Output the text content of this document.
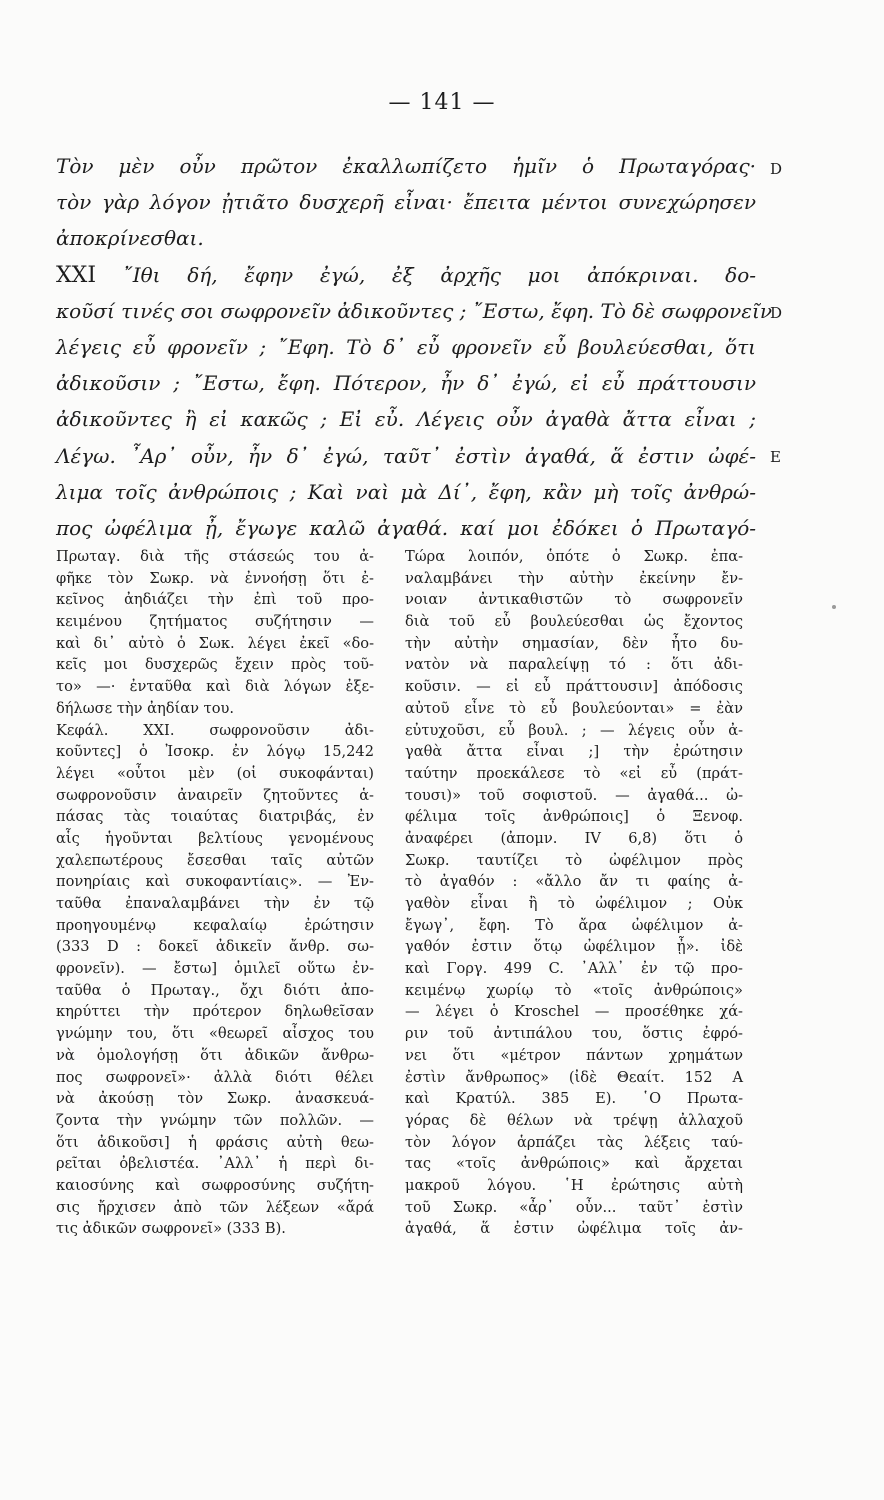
— 141 —
Τὸν μὲν οὖν πρῶτον ἐκαλλωπίζετο ἡμῖν ὁ Πρωταγόρας·
τὸν γὰρ λόγον ᾐτιᾶτο δυσχερῆ εἶναι· ἔπειτα μέντοι συνεχώρησεν
ἀποκρίνεσθαι.
XXI ῎Ιθι δή, ἔφην ἐγώ, ἐξ ἀρχῆς μοι ἀπόκριναι. δο-
κοῦσί τινές σοι σωφρονεῖν ἀδικοῦντες ; ῎Εστω, ἔφη. Τὸ δὲ σωφρονεῖν
λέγεις εὖ φρονεῖν ; ῎Εφη. Τὸ δ᾽ εὖ φρονεῖν εὖ βουλεύεσθαι, ὅτι
ἀδικοῦσιν ; ῎Εστω, ἔφη. Πότερον, ἦν δ᾽ ἐγώ, εἰ εὖ πράττουσιν
ἀδικοῦντες ἢ εἰ κακῶς ; Εἰ εὖ. Λέγεις οὖν ἀγαθὰ ἄττα εἶναι ;
Λέγω. ῏Αρ᾽ οὖν, ἦν δ᾽ ἐγώ, ταῦτ᾽ ἐστὶν ἀγαθά, ἅ ἐστιν ὠφέ-
λιμα τοῖς ἀνθρώποις ; Καὶ ναὶ μὰ Δί᾽, ἔφη, κἂν μὴ τοῖς ἀνθρώ-
πος ὠφέλιμα ᾖ, ἔγωγε καλῶ ἀγαθά. καί μοι ἐδόκει ὁ Πρωταγό-
D
D
E
Πρωταγ. διὰ τῆς στάσεώς του ἀ-
φῆκε τὸν Σωκρ. νὰ ἐννοήσῃ ὅτι ἐ-
κεῖνος ἀηδιάζει τὴν ἐπὶ τοῦ προ-
κειμένου ζητήματος συζήτησιν —
καὶ δι᾽ αὐτὸ ὁ Σωκ. λέγει ἐκεῖ «δο-
κεῖς μοι δυσχερῶς ἔχειν πρὸς τοῦ-
το» —· ἐνταῦθα καὶ διὰ λόγων ἐξε-
δήλωσε τὴν ἀηδίαν του.
Κεφάλ. XXI. σωφρονοῦσιν ἀδι-
κοῦντες] ὁ Ἰσοκρ. ἐν λόγῳ 15,242
λέγει «οὗτοι μὲν (οἱ συκοφάνται)
σωφρονοῦσιν ἀναιρεῖν ζητοῦντες ἁ-
πάσας τὰς τοιαύτας διατριβάς, ἐν
αἷς ἡγοῦνται βελτίους γενομένους
χαλεπωτέρους ἔσεσθαι ταῖς αὐτῶν
πονηρίαις καὶ συκοφαντίαις». — Ἐν-
ταῦθα ἐπαναλαμβάνει τὴν ἐν τῷ
προηγουμένῳ κεφαλαίῳ ἐρώτησιν
(333 D : δοκεῖ ἀδικεῖν ἄνθρ. σω-
φρονεῖν). — ἔστω] ὁμιλεῖ οὕτω ἐν-
ταῦθα ὁ Πρωταγ., ὄχι διότι ἀπο-
κηρύττει τὴν πρότερον δηλωθεῖσαν
γνώμην του, ὅτι «θεωρεῖ αἶσχος του
νὰ ὁμολογήσῃ ὅτι ἀδικῶν ἄνθρω-
πος σωφρονεῖ»· ἀλλὰ διότι θέλει
νὰ ἀκούσῃ τὸν Σωκρ. ἀνασκευά-
ζοντα τὴν γνώμην τῶν πολλῶν. —
ὅτι ἀδικοῦσι] ἡ φράσις αὐτὴ θεω-
ρεῖται ὀβελιστέα. ᾿Αλλ᾽ ἡ περὶ δι-
καιοσύνης καὶ σωφροσύνης συζήτη-
σις ἤρχισεν ἀπὸ τῶν λέξεων «ἄρά
τις ἀδικῶν σωφρονεῖ» (333 B).
Τώρα λοιπόν, ὁπότε ὁ Σωκρ. ἐπα-
ναλαμβάνει τὴν αὐτὴν ἐκείνην ἔν-
νοιαν ἀντικαθιστῶν τὸ σωφρονεῖν
διὰ τοῦ εὖ βουλεύεσθαι ὡς ἔχοντος
τὴν αὐτὴν σημασίαν, δὲν ἦτο δυ-
νατὸν νὰ παραλείψῃ τό : ὅτι ἀδι-
κοῦσιν. — εἰ εὖ πράττουσιν] ἀπόδοσις
αὐτοῦ εἶνε τὸ εὖ βουλεύονται» = ἐὰν
εὐτυχοῦσι, εὖ βουλ. ; — λέγεις οὖν ἀ-
γαθὰ ἄττα εἶναι ;] τὴν ἐρώτησιν
ταύτην προεκάλεσε τὸ «εἰ εὖ (πράτ-
τουσι)» τοῦ σοφιστοῦ. — ἀγαθά... ὠ-
φέλιμα τοῖς ἀνθρώποις] ὁ Ξενοφ.
ἀναφέρει (ἀπομν. IV 6,8) ὅτι ὁ
Σωκρ. ταυτίζει τὸ ὠφέλιμον πρὸς
τὸ ἀγαθόν : «ἄλλο ἄν τι φαίης ἀ-
γαθὸν εἶναι ἢ τὸ ὠφέλιμον ; Οὐκ
ἔγωγ᾽, ἔφη. Τὸ ἄρα ὠφέλιμον ἀ-
γαθόν ἐστιν ὅτῳ ὠφέλιμον ᾖ». ἰδὲ
καὶ Γοργ. 499 C. ᾿Αλλ᾽ ἐν τῷ προ-
κειμένῳ χωρίῳ τὸ «τοῖς ἀνθρώποις»
— λέγει ὁ Kroschel — προσέθηκε χά-
ριν τοῦ ἀντιπάλου του, ὅστις ἐφρό-
νει ὅτι «μέτρον πάντων χρημάτων
ἐστὶν ἄνθρωπος» (ἰδὲ Θεαίτ. 152 A
καὶ Κρατύλ. 385 E). ῾Ο Πρωτα-
γόρας δὲ θέλων νὰ τρέψῃ ἀλλαχοῦ
τὸν λόγον ἁρπάζει τὰς λέξεις ταύ-
τας «τοῖς ἀνθρώποις» καὶ ἄρχεται
μακροῦ λόγου. ῾Η ἐρώτησις αὐτὴ
τοῦ Σωκρ. «ἆρ᾽ οὖν... ταῦτ᾽ ἐστὶν
ἀγαθά, ἅ ἐστιν ὠφέλιμα τοῖς ἀν-
